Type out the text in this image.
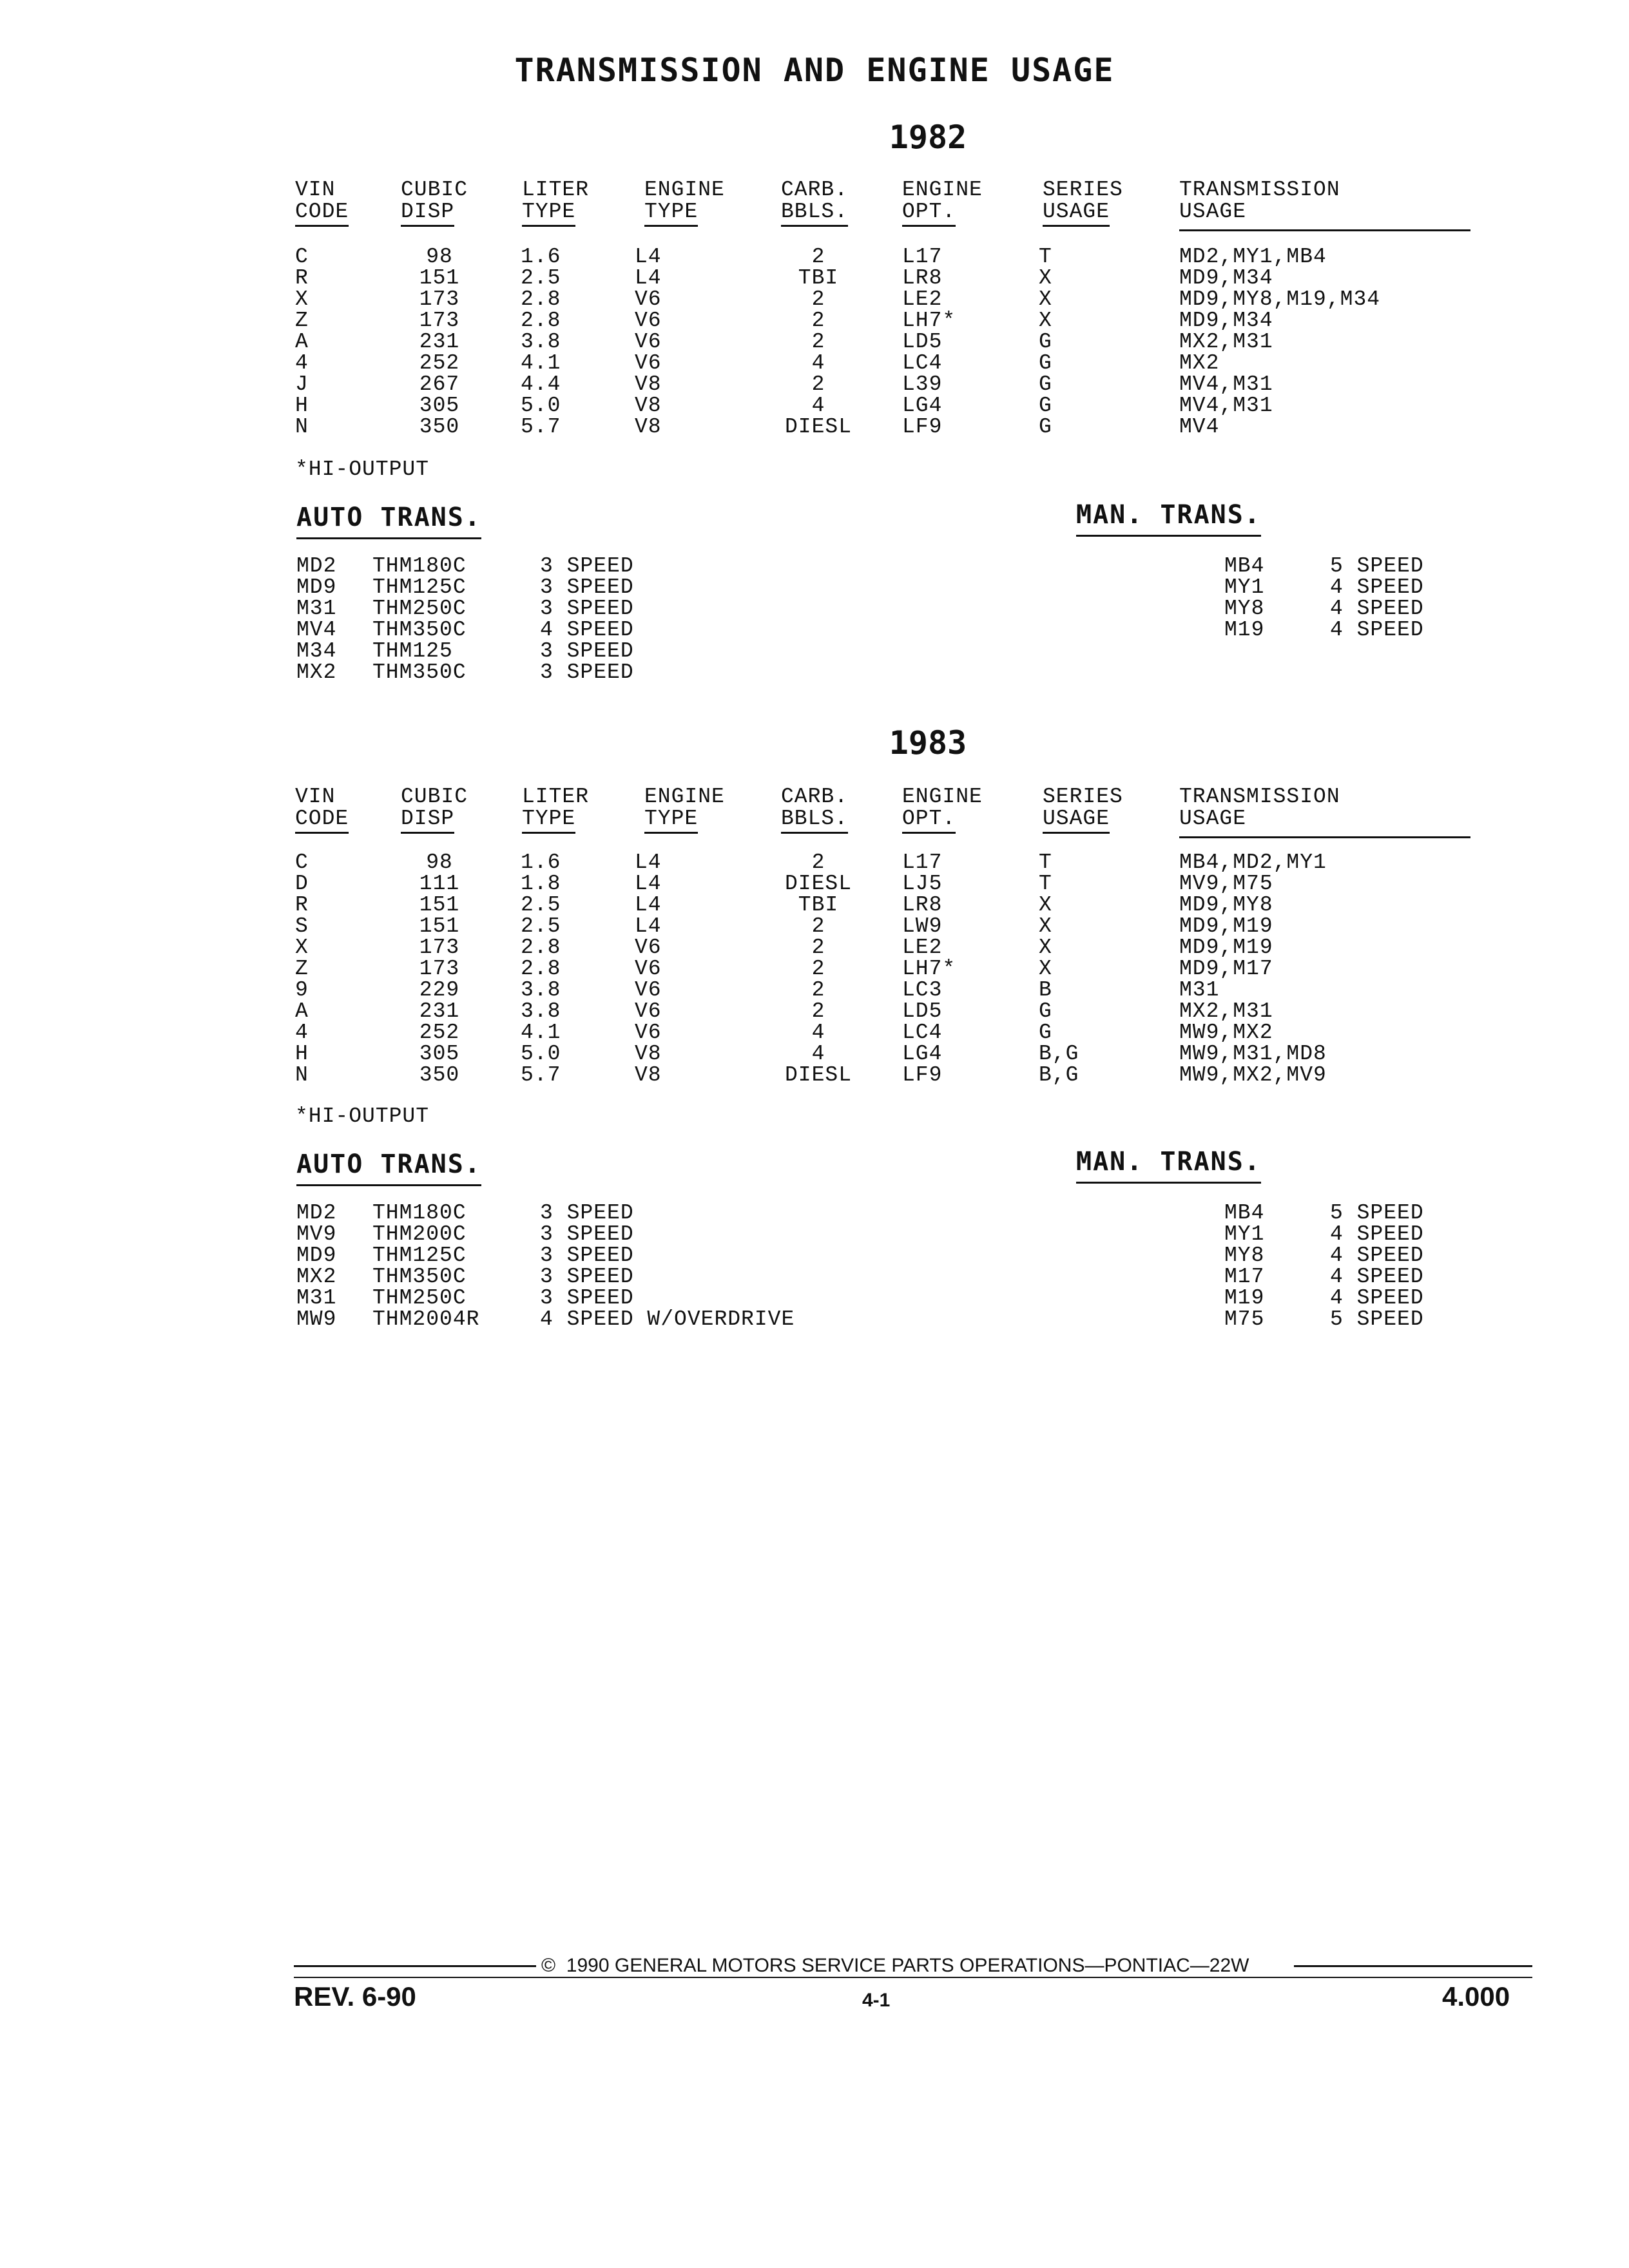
TRANSMISSION AND ENGINE USAGE
1982
VIN
CODE
CUBIC
DISP
LITER
TYPE
ENGINE
TYPE
CARB.
BBLS.
ENGINE
OPT.
SERIES
USAGE
TRANSMISSION
USAGE
C
R
X
Z
A
4
J
H
N
98
151
173
173
231
252
267
305
350
1.6
2.5
2.8
2.8
3.8
4.1
4.4
5.0
5.7
L4
L4
V6
V6
V6
V6
V8
V8
V8
2
TBI
2
2
2
4
2
4
DIESL
L17
LR8
LE2
LH7*
LD5
LC4
L39
LG4
LF9
T
X
X
X
G
G
G
G
G
MD2,MY1,MB4
MD9,M34
MD9,MY8,M19,M34
MD9,M34
MX2,M31
MX2
MV4,M31
MV4,M31
MV4
*HI-OUTPUT
AUTO TRANS.
MD2
MD9
M31
MV4
M34
MX2
THM180C
THM125C
THM250C
THM350C
THM125
THM350C
3 SPEED
3 SPEED
3 SPEED
4 SPEED
3 SPEED
3 SPEED
MAN. TRANS.
MB4
MY1
MY8
M19
5 SPEED
4 SPEED
4 SPEED
4 SPEED
1983
VIN
CODE
CUBIC
DISP
LITER
TYPE
ENGINE
TYPE
CARB.
BBLS.
ENGINE
OPT.
SERIES
USAGE
TRANSMISSION
USAGE
C
D
R
S
X
Z
9
A
4
H
N
98
111
151
151
173
173
229
231
252
305
350
1.6
1.8
2.5
2.5
2.8
2.8
3.8
3.8
4.1
5.0
5.7
L4
L4
L4
L4
V6
V6
V6
V6
V6
V8
V8
2
DIESL
TBI
2
2
2
2
2
4
4
DIESL
L17
LJ5
LR8
LW9
LE2
LH7*
LC3
LD5
LC4
LG4
LF9
T
T
X
X
X
X
B
G
G
B,G
B,G
MB4,MD2,MY1
MV9,M75
MD9,MY8
MD9,M19
MD9,M19
MD9,M17
M31
MX2,M31
MW9,MX2
MW9,M31,MD8
MW9,MX2,MV9
*HI-OUTPUT
AUTO TRANS.
MD2
MV9
MD9
MX2
M31
MW9
THM180C
THM200C
THM125C
THM350C
THM250C
THM2004R
3 SPEED
3 SPEED
3 SPEED
3 SPEED
3 SPEED
4 SPEED W/OVERDRIVE
MAN. TRANS.
MB4
MY1
MY8
M17
M19
M75
5 SPEED
4 SPEED
4 SPEED
4 SPEED
4 SPEED
5 SPEED
© 1990 GENERAL MOTORS SERVICE PARTS OPERATIONS—PONTIAC—22W
REV. 6-90	4-1	4.000
